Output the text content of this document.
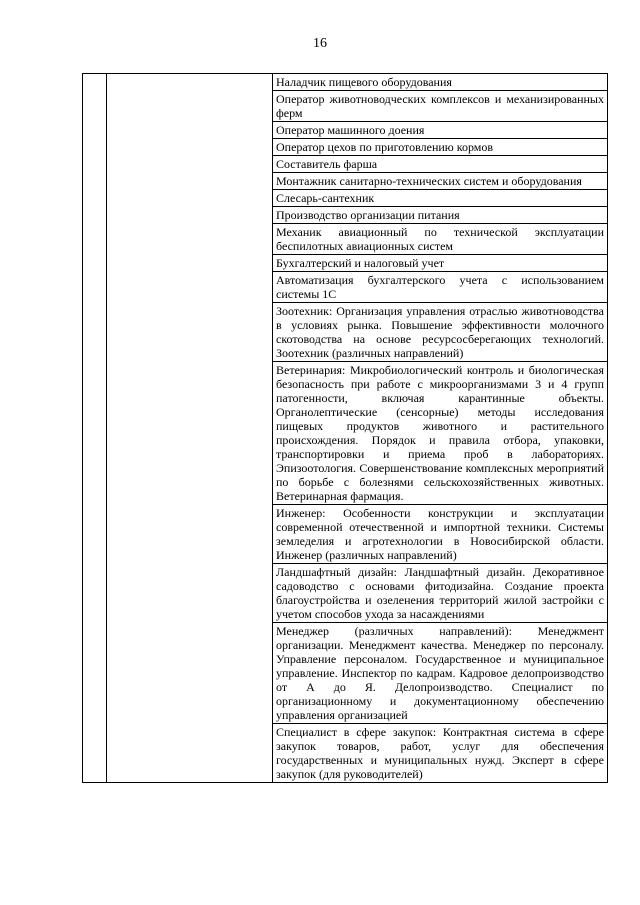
16

Наладчик пищевого оборудования

Оператор животноводческих комплексов и механизированных ферм

Оператор машинного доения

Оператор цехов по приготовлению кормов

Составитель фарша

Монтажник санитарно-технических систем и оборудования

Слесарь-сантехник

Производство организации питания

Механик авиационный по технической эксплуатации беспилотных авиационных систем

Бухгалтерский и налоговый учет

Автоматизация бухгалтерского учета с использованием системы 1С

Зоотехник: Организация управления отраслью животноводства в условиях рынка. Повышение эффективности молочного скотоводства на основе ресурсосберегающих технологий. Зоотехник (различных направлений)

Ветеринария: Микробиологический контроль и биологическая безопасность при работе с микроорганизмами 3 и 4 групп патогенности, включая карантинные объекты. Органолептические (сенсорные) методы исследования пищевых продуктов животного и растительного происхождения. Порядок и правила отбора, упаковки, транспортировки и приема проб в лабораториях. Эпизоотология. Совершенствование комплексных мероприятий по борьбе с болезнями сельскохозяйственных животных. Ветеринарная фармация.

Инженер: Особенности конструкции и эксплуатации современной отечественной и импортной техники. Системы земледелия и агротехнологии в Новосибирской области. Инженер (различных направлений)

Ландшафтный дизайн: Ландшафтный дизайн. Декоративное садоводство с основами фитодизайна. Создание проекта благоустройства и озеленения территорий жилой застройки с учетом способов ухода за насаждениями

Менеджер (различных направлений): Менеджмент организации. Менеджмент качества. Менеджер по персоналу. Управление персоналом. Государственное и муниципальное управление. Инспектор по кадрам. Кадровое делопроизводство от А до Я. Делопроизводство. Специалист по организационному и документационному обеспечению управления организацией

Специалист в сфере закупок: Контрактная система в сфере закупок товаров, работ, услуг для обеспечения государственных и муниципальных нужд. Эксперт в сфере закупок (для руководителей)
